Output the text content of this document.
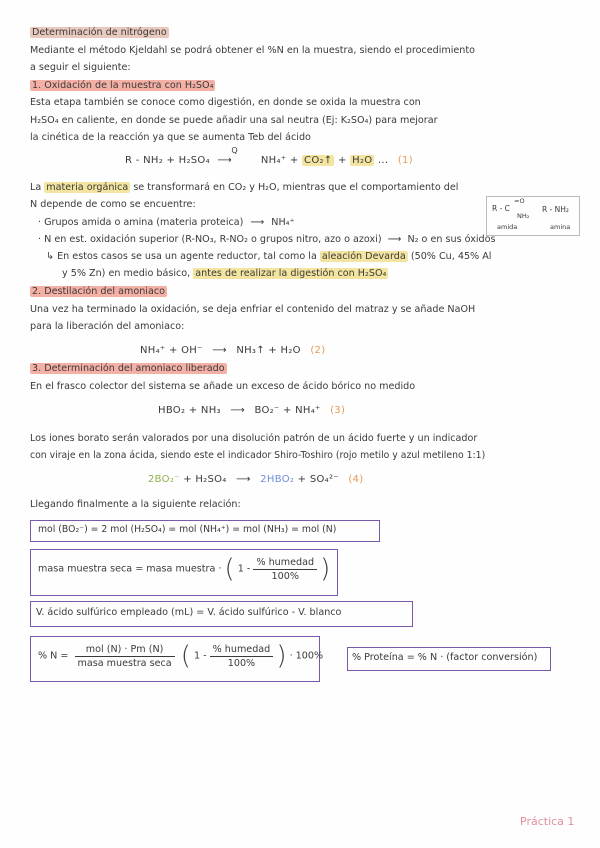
Determinación de nitrógeno
Mediante el método Kjeldahl se podrá obtener el %N en la muestra, siendo el procedimiento
a seguir el siguiente:
1. Oxidación de la muestra con H₂SO₄
Esta etapa también se conoce como digestión, en donde se oxida la muestra con
H₂SO₄ en caliente, en donde se puede añadir una sal neutra (Ej: K₂SO₄) para mejorar
la cinética de la reacción ya que se aumenta Teb del ácido
R - NH₂ + H₂SO₄
Q
⟶	NH₄⁺ + CO₂↑ + H₂O ... (1)
La materia orgánica se transformará en CO₂ y H₂O, mientras que el comportamiento del
N depende de como se encuentre:	R - C
=O
NH₂
amida
R - NH₂
amina
· Grupos amida o amina (materia proteica) ⟶ NH₄⁺
· N en est. oxidación superior (R-NO₃, R-NO₂ o grupos nitro, azo o azoxi) ⟶ N₂ o en sus óxidos
↳ En estos casos se usa un agente reductor, tal como la aleación Devarda (50% Cu, 45% Al
y 5% Zn) en medio básico, antes de realizar la digestión con H₂SO₄
2. Destilación del amoniaco
Una vez ha terminado la oxidación, se deja enfriar el contenido del matraz y se añade NaOH
para la liberación del amoniaco:
NH₄⁺ + OH⁻ ⟶ NH₃↑ + H₂O (2)
3. Determinación del amoniaco liberado
En el frasco colector del sistema se añade un exceso de ácido bórico no medido
HBO₂ + NH₃ ⟶ BO₂⁻ + NH₄⁺ (3)
Los iones borato serán valorados por una disolución patrón de un ácido fuerte y un indicador
con viraje en la zona ácida, siendo este el indicador Shiro-Toshiro (rojo metilo y azul metileno 1:1)
2BO₂⁻ + H₂SO₄ ⟶ 2HBO₂ + SO₄²⁻ (4)
Llegando finalmente a la siguiente relación:
mol (BO₂⁻) = 2 mol (H₂SO₄) = mol (NH₄⁺) = mol (NH₃) = mol (N)
masa muestra seca = masa muestra · ( $1 - \frac{\text{\% humedad}}{100\%}$ )
V. ácido sulfúrico empleado (mL) = V. ácido sulfúrico - V. blanco
% $N = \frac{\text{mol (N) · Pm (N)}}{\text{masa muestra seca}}$ ( $1 - \frac{\text{\% humedad}}{100\%}$ ) · 100%	% Proteína = % N · (factor conversión)
Práctica 1
